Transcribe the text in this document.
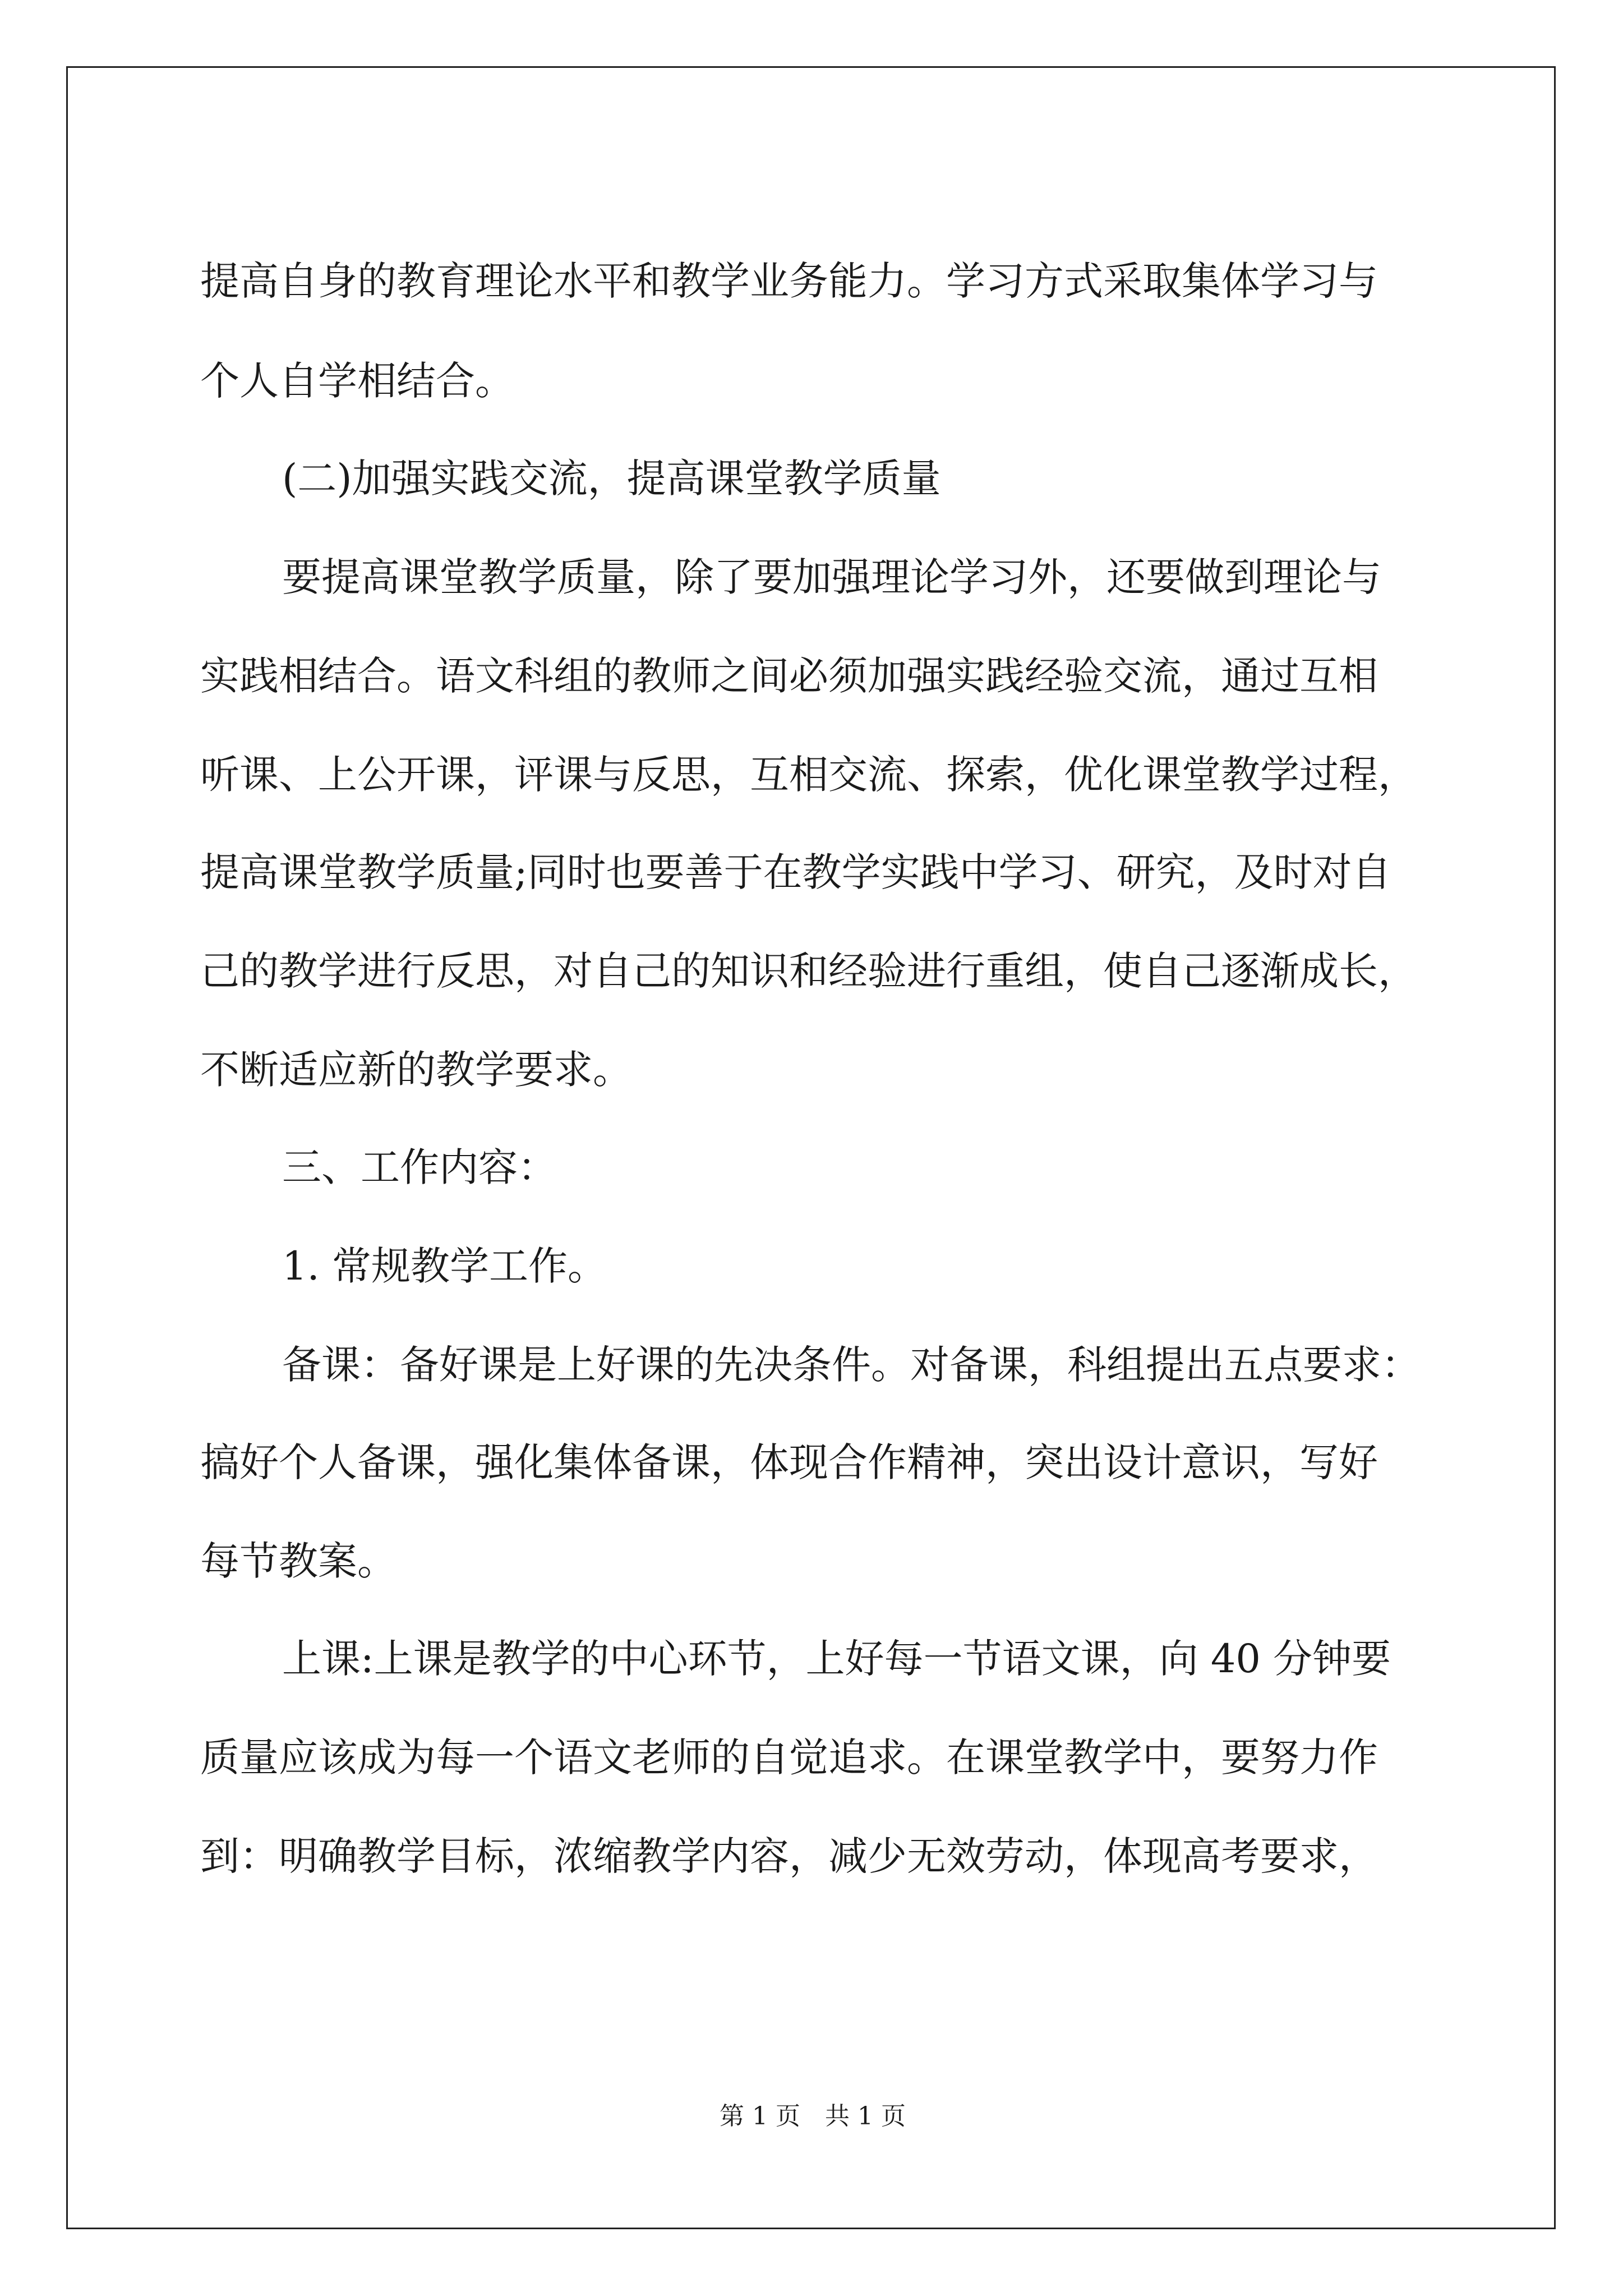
提高自身的教育理论水平和教学业务能力。学习方式采取集体学习与
个人自学相结合。
(二)加强实践交流，提高课堂教学质量
要提高课堂教学质量，除了要加强理论学习外，还要做到理论与
实践相结合。语文科组的教师之间必须加强实践经验交流，通过互相
听课、上公开课，评课与反思，互相交流、探索，优化课堂教学过程，
提高课堂教学质量;同时也要善于在教学实践中学习、研究，及时对自
己的教学进行反思，对自己的知识和经验进行重组，使自己逐渐成长，
不断适应新的教学要求。
三、工作内容：
1. 常规教学工作。
备课：备好课是上好课的先决条件。对备课，科组提出五点要求：
搞好个人备课，强化集体备课，体现合作精神，突出设计意识，写好
每节教案。
上课:上课是教学的中心环节，上好每一节语文课，向 40 分钟要
质量应该成为每一个语文老师的自觉追求。在课堂教学中，要努力作
到：明确教学目标，浓缩教学内容，减少无效劳动，体现高考要求，
第 1 页　共 1 页
